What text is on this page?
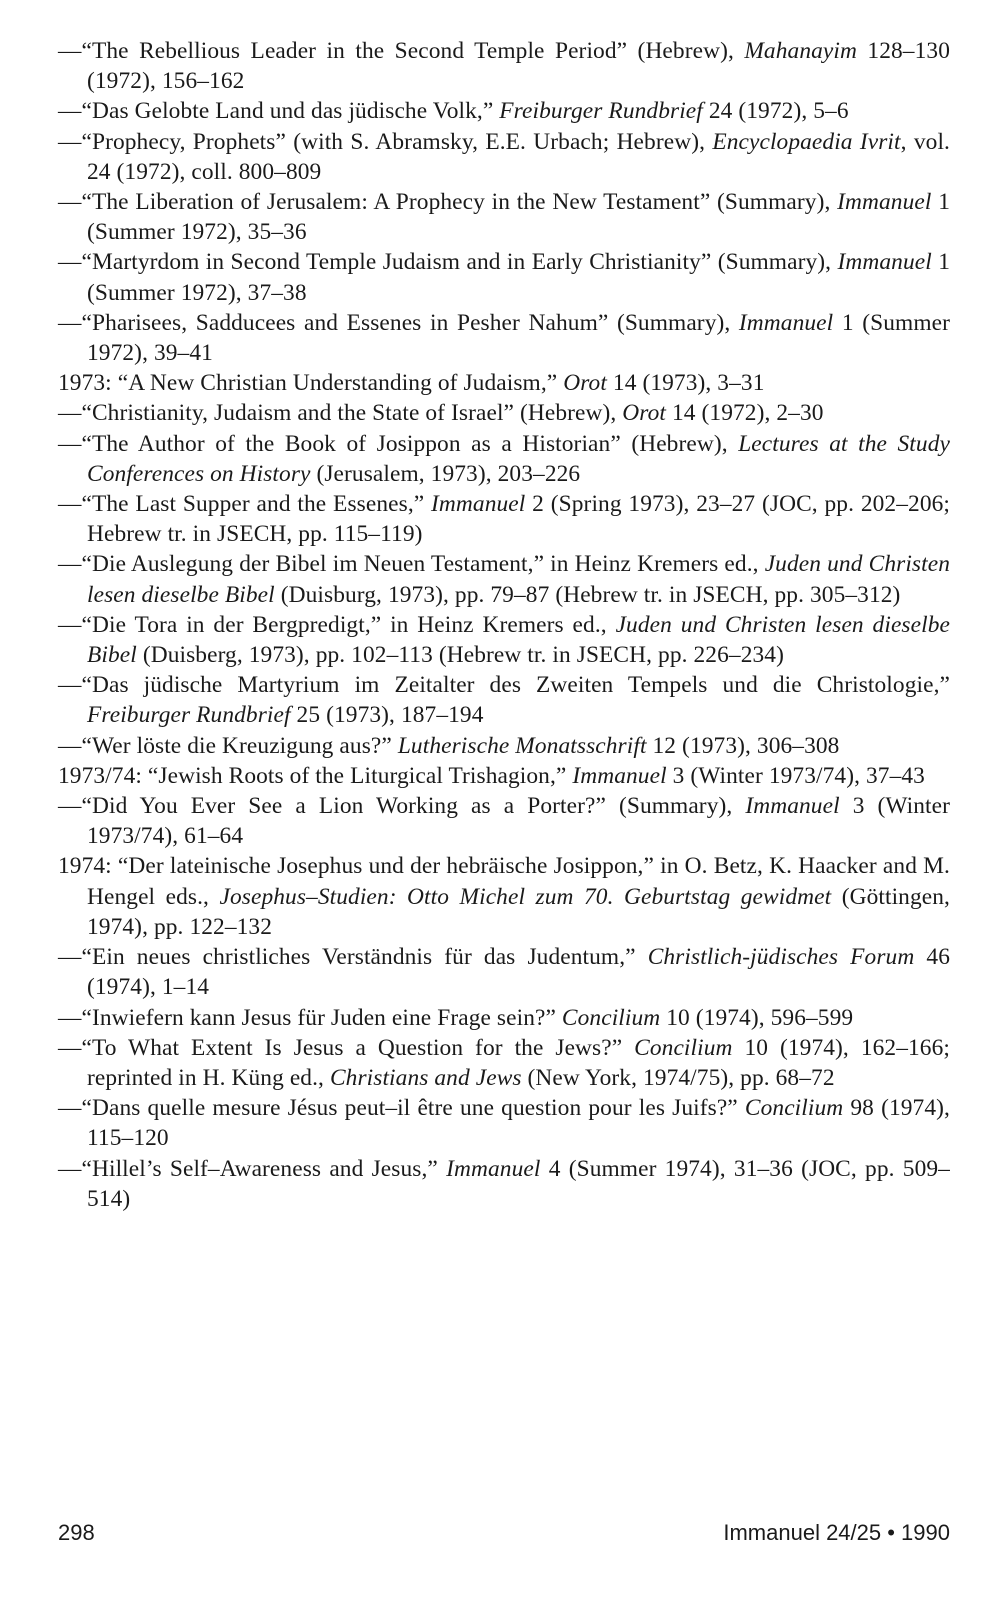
—“The Rebellious Leader in the Second Temple Period” (Hebrew), Mahanayim 128–130 (1972), 156–162
—“Das Gelobte Land und das jüdische Volk,” Freiburger Rundbrief 24 (1972), 5–6
—“Prophecy, Prophets” (with S. Abramsky, E.E. Urbach; Hebrew), Encyclopaedia Ivrit, vol. 24 (1972), coll. 800–809
—“The Liberation of Jerusalem: A Prophecy in the New Testament” (Summary), Immanuel 1 (Summer 1972), 35–36
—“Martyrdom in Second Temple Judaism and in Early Christianity” (Summary), Immanuel 1 (Summer 1972), 37–38
—“Pharisees, Sadducees and Essenes in Pesher Nahum” (Summary), Immanuel 1 (Summer 1972), 39–41
1973: “A New Christian Understanding of Judaism,” Orot 14 (1973), 3–31
—“Christianity, Judaism and the State of Israel” (Hebrew), Orot 14 (1972), 2–30
—“The Author of the Book of Josippon as a Historian” (Hebrew), Lectures at the Study Conferences on History (Jerusalem, 1973), 203–226
—“The Last Supper and the Essenes,” Immanuel 2 (Spring 1973), 23–27 (JOC, pp. 202–206; Hebrew tr. in JSECH, pp. 115–119)
—“Die Auslegung der Bibel im Neuen Testament,” in Heinz Kremers ed., Juden und Christen lesen dieselbe Bibel (Duisburg, 1973), pp. 79–87 (Hebrew tr. in JSECH, pp. 305–312)
—“Die Tora in der Bergpredigt,” in Heinz Kremers ed., Juden und Christen lesen dieselbe Bibel (Duisberg, 1973), pp. 102–113 (Hebrew tr. in JSECH, pp. 226–234)
—“Das jüdische Martyrium im Zeitalter des Zweiten Tempels und die Christologie,” Freiburger Rundbrief 25 (1973), 187–194
—“Wer löste die Kreuzigung aus?” Lutherische Monatsschrift 12 (1973), 306–308
1973/74: “Jewish Roots of the Liturgical Trishagion,” Immanuel 3 (Winter 1973/74), 37–43
—“Did You Ever See a Lion Working as a Porter?” (Summary), Immanuel 3 (Winter 1973/74), 61–64
1974: “Der lateinische Josephus und der hebräische Josippon,” in O. Betz, K. Haacker and M. Hengel eds., Josephus–Studien: Otto Michel zum 70. Geburtstag gewidmet (Göttingen, 1974), pp. 122–132
—“Ein neues christliches Verständnis für das Judentum,” Christlich-jüdisches Forum 46 (1974), 1–14
—“Inwiefern kann Jesus für Juden eine Frage sein?” Concilium 10 (1974), 596–599
—“To What Extent Is Jesus a Question for the Jews?” Concilium 10 (1974), 162–166; reprinted in H. Küng ed., Christians and Jews (New York, 1974/75), pp. 68–72
—“Dans quelle mesure Jésus peut–il être une question pour les Juifs?” Concilium 98 (1974), 115–120
—“Hillel’s Self–Awareness and Jesus,” Immanuel 4 (Summer 1974), 31–36 (JOC, pp. 509–514)
298	Immanuel 24/25 • 1990
